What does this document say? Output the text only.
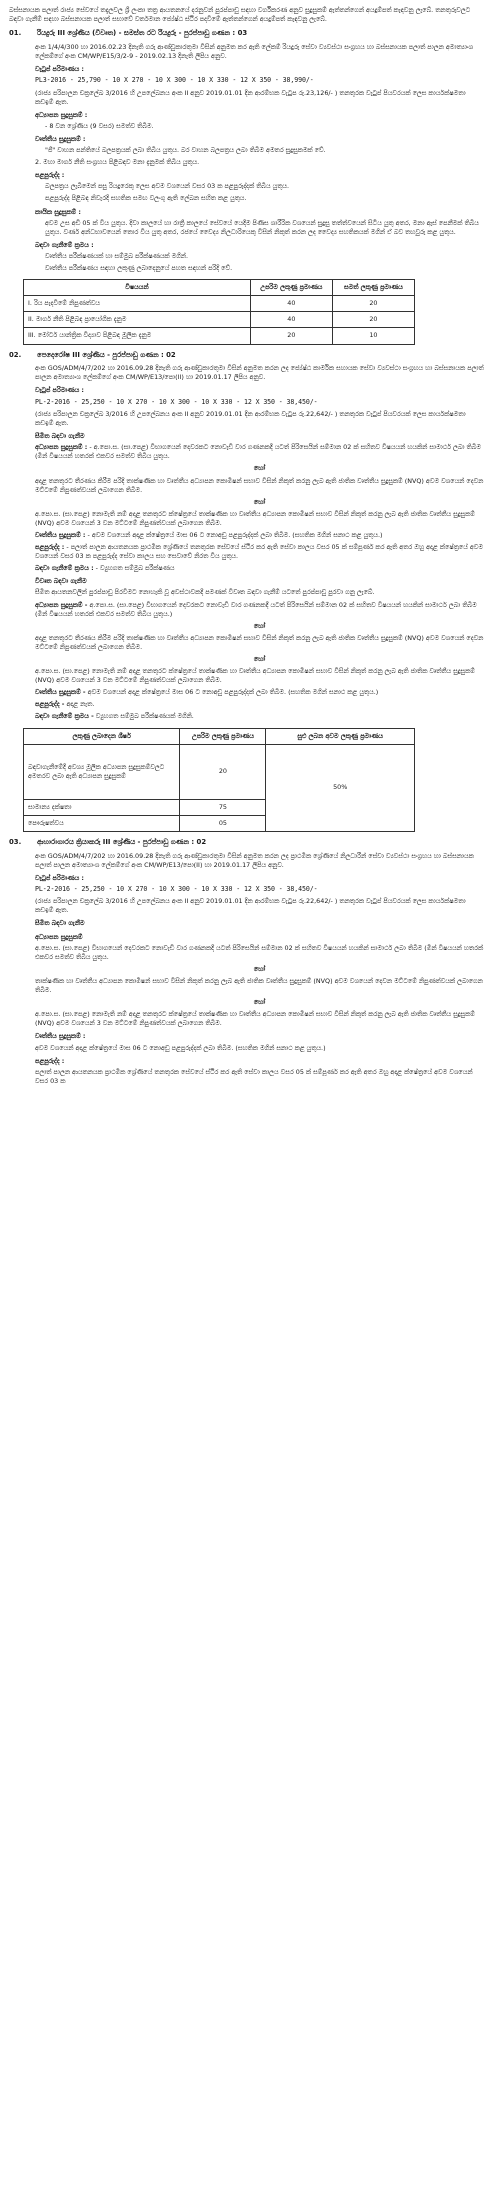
බස්සනායක පලාත් රාජ්‍ය සේවයේ තදැලවල ශ්‍රී ලංකා තත්‍ර ආයතනයේ දරනුවන් පුරප්පාඩු සඳහා වර්ගීකරණ අනුව සුදුසුකම් ඇත්තන්ගෙන් අයදුම්පත් කැඳවනු ලැබේ. තනතුරුවලට බඳවා ගැනීම් සඳහා බස්සනායක පලාත් සභාවේ වර්තමාන ජ්‍යේෂ්ඨ ස්ථිර පදවිමේ ඇත්තන්ගෙන් අයදුම්පත් කැඳවනු ලැබේ.

01.	රියදුරු III ශ්‍රේණිය (විවෘත) - සමස්ත රට රියදුරු - පුරප්පාඩු ගණන : 03

අංක 1/4/4/300 හා 2016.02.23 දිනැති ගරු ආණ්ඩුකාරතුමා විසින් අනුමත කර ඇති ලේකම් රියදුරු සේවා ව්‍යවස්ථා සංග්‍රහය හා බස්සනායක පලාත් පාලන අමාත්‍යාංශ ලේකම්ගේ අංක CM/WP/E15/3/2-9 - 2019.02.13 දිනැති ලිපිය අනුව.

වැටුප් පරිමාණය :

PL3-2016 - 25,790 - 10 X 270 - 10 X 300 - 10 X 330 - 12 X 350 - 38,990/-

(රාජ්‍ය පරිපාලන චක්‍රලේඛ 3/2016 හි උපලේඛනය අංක II අනුව 2019.01.01 දින ආරම්භක වැටුප රු.23,126/- ) තනතුරක වැටුප් පියවරයක් ලෙස කාර්යක්ෂමතා කඩඉම් ඇත.

අධ්‍යාපන සුදුසුකම් :

- 8 වන ශ්‍රේණිය (9 වසර) සමත්ව තිබීම.

වෘත්තීය සුදුසුකම් :

"ජී" වාහන පන්තියේ බලපත්‍රයක් ලබා තිබිය යුතුය. බර වාහන බලපත්‍රය ලබා තිබීම අමතර සුදුසුකමක් වේ.

2. මහා මාර්ග නීති සංග්‍රහය පිළිබඳව මනා දැනුමක් තිබිය යුතුය.

පළපුරුද්ද :

බලපත්‍රය ලැබීමෙන් පසු රියදුරෙකු ලෙස අවම වශයෙන් වසර 03 ක පළපුරුද්දක් තිබිය යුතුය.

පළපුරුද්ද පිළිබඳ නිවැරදි සහතික සමඟ වලංගු ඇති ලේඛන සහිත කළ යුතුය.

කායික සුදුසුකම් :

අවම උස අඩි 05 ක් විය යුතුය. දිවා කාලයේ හා රාත්‍රී කාලයේ සේවයේ යෙදීම පිණිස ශාරීරික වශයෙන් සුදුසු තත්ත්වයෙන් සිටිය යුතු අතර, මනා ඇස් පෙනීමක් තිබිය යුතුය. වර්ණ අන්ධභාවයෙන් තොර විය යුතු අතර, රජයේ වෛද්‍ය නිලධාරියෙකු විසින් නිකුත් කරන ලද වෛද්‍ය සහතිකයක් මගින් ඒ බව තහවුරු කළ යුතුය.

බඳවා ගැනීමේ ක්‍රමය :

වෘත්තීය පරීක්ෂණයක් හා සම්මුඛ පරීක්ෂණයක් මගින්.

වෘත්තීය පරීක්ෂණය සඳහා ලකුණු ලබාදෙනුයේ පහත සඳහන් පරිදි වේ.

විෂයයන්	උපරිම ලකුණු ප්‍රමාණය	සමත් ලකුණු ප්‍රමාණය
I. රිය පැදවීමේ නිපුණත්වය	40	20
II. මාර්ග නීති පිළිබඳ ප්‍රායෝගික දැනුම	40	20
III. මෝටර් යාන්ත්‍රික විද්‍යාව පිළිබඳ මූලික දැනුම	20	10
02.	පෙදෙරෝෂ III ශ්‍රේණිය - පුරප්පාඩු ගණන : 02

අංක GOS/ADM/4/7/202 හා 2016.09.28 දිනැති ගරු ආණ්ඩුකාරතුමා විසින් අනුමත කරන ලද ජ්‍යේෂ්ඨ කාර්මික සහායක සේවා ව්‍යවස්ථා සංග්‍රහය හා බස්සනායක පලාත් පාලන අමාත්‍යාංශ ලේකම්ගේ අංක CM/WP/E13/පො(II) හා 2019.01.17 ලිපිය අනුව.

වැටුප් පරිමාණය :

PL-2-2016 - 25,250 - 10 X 270 - 10 X 300 - 10 X 330 - 12 X 350 - 38,450/-

(රාජ්‍ය පරිපාලන චක්‍රලේඛ 3/2016 හි උපලේඛනය අංක II අනුව 2019.01.01 දින ආරම්භක වැටුප රු.22,642/- ) තනතුරක වැටුප් පියවරයක් ලෙස කාර්යක්ෂමතා කඩඉම් ඇත.

සීමිත බඳවා ගැනීම

අධ්‍යාපන සුදුසුකම් : - අ.පො.ස. (සා.පෙළ) විභාගයෙන් දෙවරකට නොවැඩි වාර ගණනකදී යටත් පිරිසෙයින් සම්මාන 02 ක් සහිතව විෂයයන් හයකින් සාමාර්ථ ලබා තිබීම (මින් විෂයයන් හතරක් එකවර සමත්ව තිබිය යුතුය.

හෝ

අදාළ තනතුරට තීරණය කිරීම පරිදි තාක්ෂණික හා වෘත්තීය අධ්‍යාපන කොමිෂන් සභාව විසින් නිකුත් කරනු ලැබ ඇති ජාතික වෘත්තීය සුදුසුකම් (NVQ) අවම වශයෙන් දෙවන මට්ටමේ නිපුණත්වයක් ලබාගෙන තිබීම.

හෝ

අ.පො.ස. (සා.පෙළ) නොමැති නම් අදාළ තනතුරට ක්ෂේත්‍රයේ තාක්ෂණික හා වෘත්තීය අධ්‍යාපන කොමිෂන් සභාව විසින් නිකුත් කරනු ලැබ ඇති ජාතික වෘත්තීය සුදුසුකම් (NVQ) අවම වශයෙන් 3 වන මට්ටමේ නිපුණත්වයක් ලබාගෙන තිබීම.

වෘත්තීය සුදුසුකම් : - අවම වශයෙන් අදාළ ක්ෂේත්‍රයේ මාස 06 ට නොඅඩු පළපුරුද්දක් ලබා තිබීම. (සහතික මගින් සනාථ කළ යුතුය.)

පළපුරුද්ද : - පලාත් පාලන ආයතනයක ප්‍රාථමික ශ්‍රේණියේ තනතුරක සේවයේ ස්ථිර කර ඇති සේවා කාලය වසර 05 ක් සම්පූර්ණ කර ඇති අතර ඔහු අදාළ ක්ෂේත්‍රයේ අවම වශයෙන් වසර 03 ක පළපුරුද්ද සේවා කාලය සහ සෙවාවේ නිරත විය යුතුය.

බඳවා ගැනීමේ ක්‍රමය : - ව්‍යුහගත සම්මුඛ පරීක්ෂණය

විවෘත බඳවා ගැනීම

සීමිත ආයතනවලින් පුරප්පාඩු පිරවීමට නොහැකි වූ අවස්ථාවකදී පමණක් විවෘත බඳවා ගැනීම් යටතේ පුරප්පාඩු පුරවා ගනු ලැබේ.

අධ්‍යාපන සුදුසුකම් - අ.පො.ස. (සා.පෙළ) විභාගයෙන් දෙවරකට නොවැඩි වාර ගණනකදී යටත් පිරිසෙයින් සම්මාන 02 ක් සහිතව විෂයයන් හයකින් සාමාර්ථ ලබා තිබීම (මින් විෂයයන් හතරක් එකවර සමත්ව තිබිය යුතුය.)

හෝ

අදාළ තනතුරට තීරණය කිරීම පරිදි තාක්ෂණික හා වෘත්තීය අධ්‍යාපන කොමිෂන් සභාව විසින් නිකුත් කරනු ලැබ ඇති ජාතික වෘත්තීය සුදුසුකම් (NVQ) අවම වශයෙන් දෙවන මට්ටමේ නිපුණත්වයක් ලබාගෙන තිබීම.

හෝ

අ.පො.ස. (සා.පෙළ) නොමැති නම් අදාළ තනතුරට ක්ෂේත්‍රයේ තාක්ෂණික හා වෘත්තීය අධ්‍යාපන කොමිෂන් සභාව විසින් නිකුත් කරනු ලැබ ඇති ජාතික වෘත්තීය සුදුසුකම් (NVQ) අවම වශයෙන් 3 වන මට්ටමේ නිපුණත්වයක් ලබාගෙන තිබීම.

වෘත්තීය සුදුසුකම් - අවම වශයෙන් අදාළ ක්ෂේත්‍රයේ මාස 06 ට නොඅඩු පළපුරුද්දක් ලබා තිබීම. (සහතික මගින් සනාථ කළ යුතුය.)

පළපුරුද්ද - අදාළ නැත.

බඳවා ගැනීමේ ක්‍රමය - ව්‍යුහගත සම්මුඛ පරීක්ෂණයක් මගිනි.

ලකුණු ලබාදෙන ශීර්ෂ	උපරිම ලකුණු ප්‍රමාණය	සුළු ලබන අවම ලකුණු ප්‍රමාණය
බඳවාගැනීමේදී අවශ්‍ය මූලික අධ්‍යාපන සුදුසුකම්වලට අමතරව ලබා ඇති අධ්‍යාපන සුදුසුකම්	20	50%
සාමාන්‍ය දක්ෂතා	75	
පෞරුෂත්වය	05	
03.	ආහාරාගාරය ක්‍රියාකරු III ශ්‍රේණිය - පුරප්පාඩු ගණන : 02

අංක GOS/ADM/4/7/202 හා 2016.09.28 දිනැති ගරු ආණ්ඩුකාරතුමා විසින් අනුමත කරන ලද ප්‍රාථමික ශ්‍රේණියේ නිලධාරීන් සේවා ව්‍යවස්ථා සංග්‍රහය හා බස්සනායක පලාත් පාලන අමාත්‍යාංශ ලේකම්ගේ අංක CM/WP/E13/පො(II) හා 2019.01.17 ලිපිය අනුව.

වැටුප් පරිමාණය :

PL-2-2016 - 25,250 - 10 X 270 - 10 X 300 - 10 X 330 - 12 X 350 - 38,450/-

(රාජ්‍ය පරිපාලන චක්‍රලේඛ 3/2016 හි උපලේඛනය අංක II අනුව 2019.01.01 දින ආරම්භක වැටුප රු.22,642/- ) තනතුරක වැටුප් පියවරයක් ලෙස කාර්යක්ෂමතා කඩඉම් ඇත.

සීමිත බඳවා ගැනීම
අධ්‍යාපන සුදුසුකම්

අ.පො.ස. (සා.පෙළ) විභාගයෙන් දෙවරකට නොවැඩි වාර ගණනකදී යටත් පිරිසෙයින් සම්මාන 02 ක් සහිතව විෂයයන් හයකින් සාමාර්ථ ලබා තිබීම (මින් විෂයයන් හතරක් එකවර සමත්ව තිබිය යුතුය.

හෝ

තාක්ෂණික හා වෘත්තීය අධ්‍යාපන කොමිෂන් සභාව විසින් නිකුත් කරනු ලැබ ඇති ජාතික වෘත්තීය සුදුසුකම් (NVQ) අවම වශයෙන් දෙවන මට්ටමේ නිපුණත්වයක් ලබාගෙන තිබීම.

හෝ

අ.පො.ස. (සා.පෙළ) නොමැති නම් අදාළ තනතුරට ක්ෂේත්‍රයේ තාක්ෂණික හා වෘත්තීය අධ්‍යාපන කොමිෂන් සභාව විසින් නිකුත් කරනු ලැබ ඇති ජාතික වෘත්තීය සුදුසුකම් (NVQ) අවම වශයෙන් 3 වන මට්ටමේ නිපුණත්වයක් ලබාගෙන තිබීම.

වෘත්තීය සුදුසුකම් :

අවම වශයෙන් අදාළ ක්ෂේත්‍රයේ මාස 06 ට නොඅඩු පළපුරුද්දක් ලබා තිබීම. (සහතික මගින් සනාථ කළ යුතුය.)

පළපුරුද්ද :

පලාත් පාලන ආයතනයක ප්‍රාථමික ශ්‍රේණියේ තනතුරක සේවයේ ස්ථිර කර ඇති සේවා කාලය වසර 05 ක් සම්පූර්ණ කර ඇති අතර ඔහු අදාළ ක්ෂේත්‍රයේ අවම වශයෙන් වසර 03 ක
